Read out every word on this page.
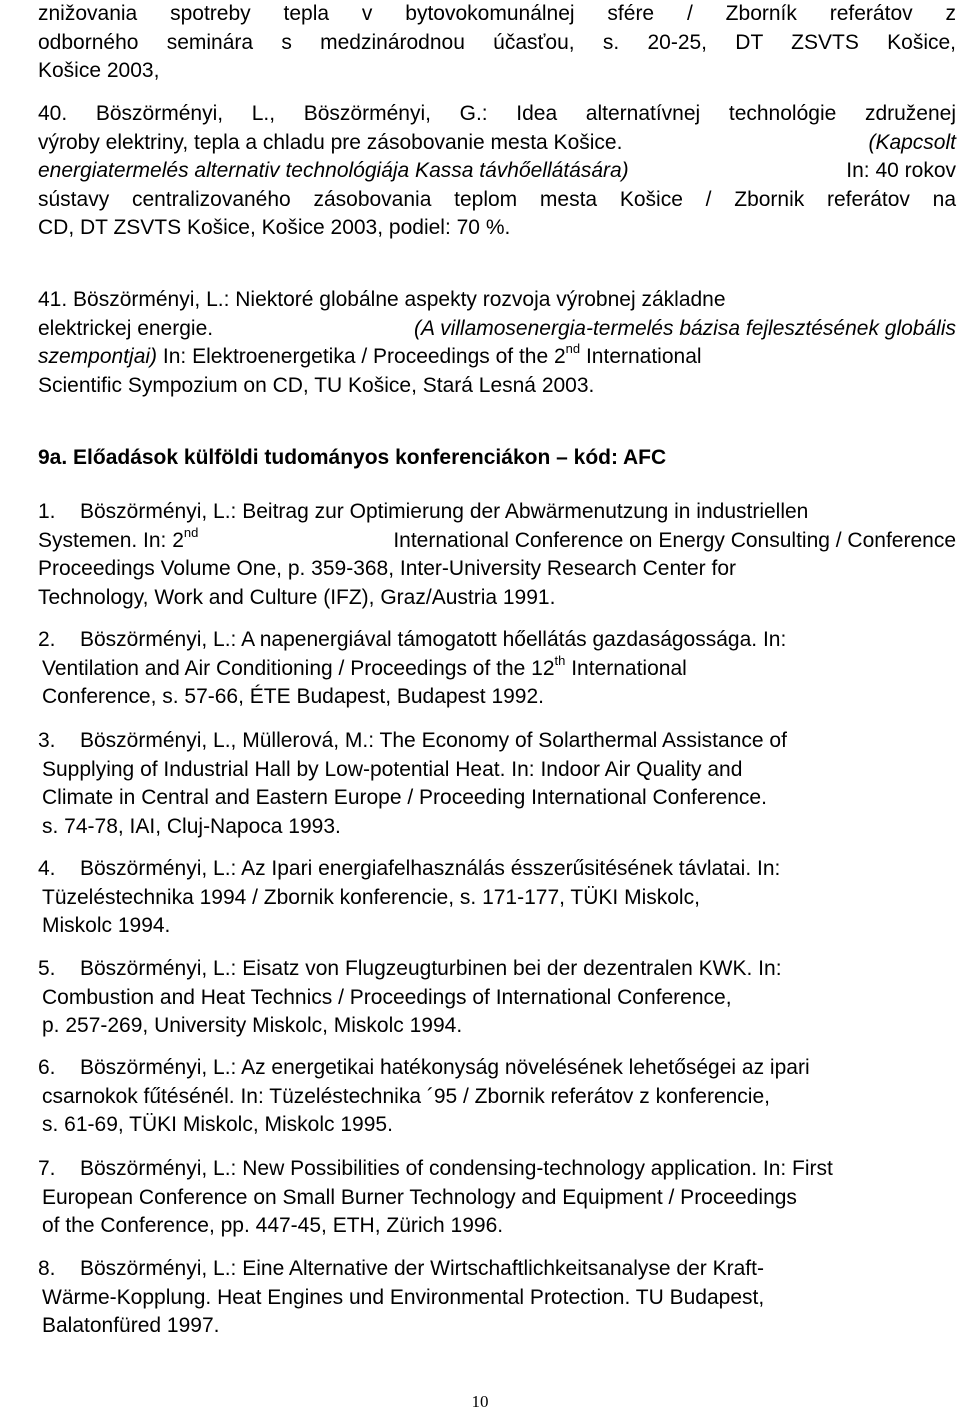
znižovania spotreby tepla v bytovokomunálnej sfére / Zborník referátov z
odborného seminára s medzinárodnou účasťou, s. 20-25, DT ZSVTS Košice,
Košice 2003,
40. Böszörményi, L., Böszörményi, G.: Idea alternatívnej technológie združenej
výroby elektriny, tepla a chladu pre zásobovanie mesta Košice.	(Kapcsolt
energiatermelés alternativ technológiája Kassa távhőellátására)	In: 40 rokov
sústavy centralizovaného zásobovania teplom mesta Košice / Zbornik referátov na
CD, DT ZSVTS Košice, Košice 2003, podiel: 70 %.
41. Böszörményi, L.: Niektoré globálne aspekty rozvoja výrobnej základne
elektrickej energie.	(A villamosenergia-termelés bázisa fejlesztésének globális
szempontjai) In: Elektroenergetika / Proceedings of the 2nd International
Scientific Sympozium on CD, TU Košice, Stará Lesná 2003.
9a. Előadások külföldi tudományos konferenciákon – kód: AFC
1. Böszörményi, L.: Beitrag zur Optimierung der Abwärmenutzung in industriellen
Systemen. In: 2nd	International Conference on Energy Consulting / Conference
Proceedings Volume One, p. 359-368, Inter-University Research Center for
Technology, Work and Culture (IFZ), Graz/Austria 1991.
2. Böszörményi, L.: A napenergiával támogatott hőellátás gazdaságossága. In:
Ventilation and Air Conditioning / Proceedings of the 12th International
Conference, s. 57-66, ÉTE Budapest, Budapest 1992.
3. Böszörményi, L., Müllerová, M.: The Economy of Solarthermal Assistance of
Supplying of Industrial Hall by Low-potential Heat. In: Indoor Air Quality and
Climate in Central and Eastern Europe / Proceeding International Conference.
s. 74-78, IAI, Cluj-Napoca 1993.
4. Böszörményi, L.: Az Ipari energiafelhasználás ésszerűsitésének távlatai. In:
Tüzeléstechnika 1994 / Zbornik konferencie, s. 171-177, TÜKI Miskolc,
Miskolc 1994.
5. Böszörményi, L.: Eisatz von Flugzeugturbinen bei der dezentralen KWK. In:
Combustion and Heat Technics / Proceedings of International Conference,
p. 257-269, University Miskolc, Miskolc 1994.
6. Böszörményi, L.: Az energetikai hatékonyság növelésének lehetőségei az ipari
csarnokok fűtésénél. In: Tüzeléstechnika ´95 / Zbornik referátov z konferencie,
s. 61-69, TÜKI Miskolc, Miskolc 1995.
7. Böszörményi, L.: New Possibilities of condensing-technology application. In: First
European Conference on Small Burner Technology and Equipment / Proceedings
of the Conference, pp. 447-45, ETH, Zürich 1996.
8. Böszörményi, L.: Eine Alternative der Wirtschaftlichkeitsanalyse der Kraft-
Wärme-Kopplung. Heat Engines und Environmental Protection. TU Budapest,
Balatonfüred 1997.
10
